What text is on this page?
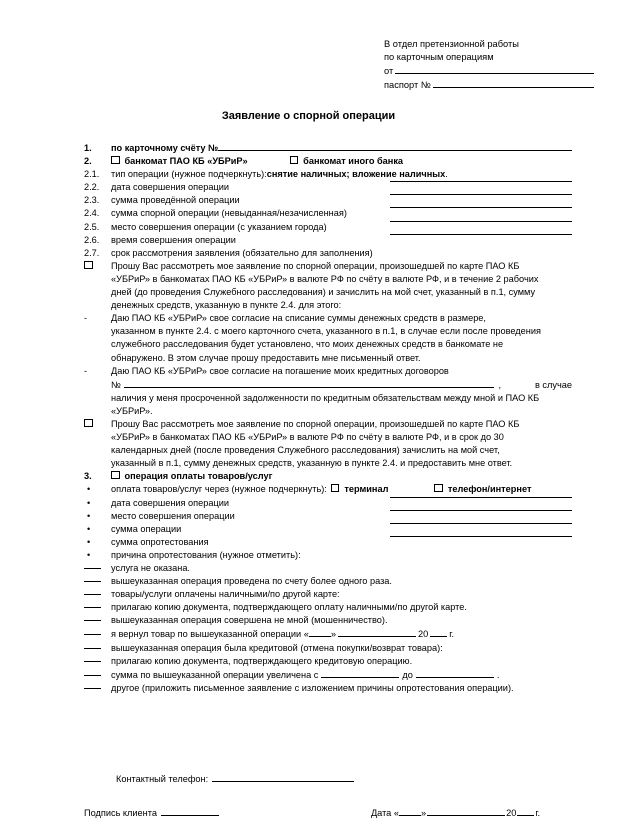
В отдел претензионной работы
по карточным операциям
от
паспорт №
Заявление о спорной операции
1.	по карточному счёту №
2.	банкомат ПАО КБ «УБРиР»	банкомат иного банка
2.1.	тип операции (нужное подчеркнуть): снятие наличных; вложение наличных .
2.2.	дата совершения операции
2.3.	сумма проведённой операции
2.4.	сумма спорной операции (невыданная/незачисленная)
2.5.	место совершения операции (с указанием города)
2.6.	время совершения операции
2.7.	срок рассмотрения заявления (обязательно для заполнения)
Прошу Вас рассмотреть мое заявление по спорной операции, произошедшей по карте ПАО КБ
«УБРиР» в банкоматах ПАО КБ «УБРиР» в валюте РФ по счёту в валюте РФ, и в течение 2 рабочих
дней (до проведения Служебного расследования) и зачислить на мой счет, указанный в п.1, сумму
денежных средств, указанную в пункте 2.4. для этого:
-	Даю ПАО КБ «УБРиР» свое согласие на списание суммы денежных средств в размере,
указанном в пункте 2.4. с моего карточного счета, указанного в п.1, в случае если после проведения
служебного расследования будет установлено, что моих денежных средств в банкомате не
обнаружено. В этом случае прошу предоставить мне письменный ответ.
-	Даю ПАО КБ «УБРиР» свое согласие на погашение моих кредитных договоров
№	,	в случае
наличия у меня просроченной задолженности по кредитным обязательствам между мной и ПАО КБ
«УБРиР».
Прошу Вас рассмотреть мое заявление по спорной операции, произошедшей по карте ПАО КБ
«УБРиР» в банкоматах ПАО КБ «УБРиР» в валюте РФ по счёту в валюте РФ, и в срок до 30
календарных дней (после проведения Служебного расследования) зачислить на мой счет,
указанный в п.1, сумму денежных средств, указанную в пункте 2.4. и предоставить мне ответ.
3.	операция оплаты товаров/услуг
•	оплата товаров/услуг через (нужное подчеркнуть):	терминал	телефон/интернет
•	дата совершения операции
•	место совершения операции
•	сумма операции
•	сумма опротестования
•	причина опротестования (нужное отметить):
услуга не оказана.
вышеуказанная операция проведена по счету более одного раза.
товары/услуги оплачены наличными/по другой карте:
прилагаю копию документа, подтверждающего оплату наличными/по другой карте.
вышеуказанная операция совершена не мной (мошенничество).
я вернул товар по вышеуказанной операции « »	20 г.
вышеуказанная операция была кредитовой (отмена покупки/возврат товара):
прилагаю копию документа, подтверждающего кредитовую операцию.
сумма по вышеуказанной операции увеличена с	до	.
другое (приложить письменное заявление с изложением причины опротестования операции).
Контактный телефон:
Подпись клиента	Дата « »	20 г.
